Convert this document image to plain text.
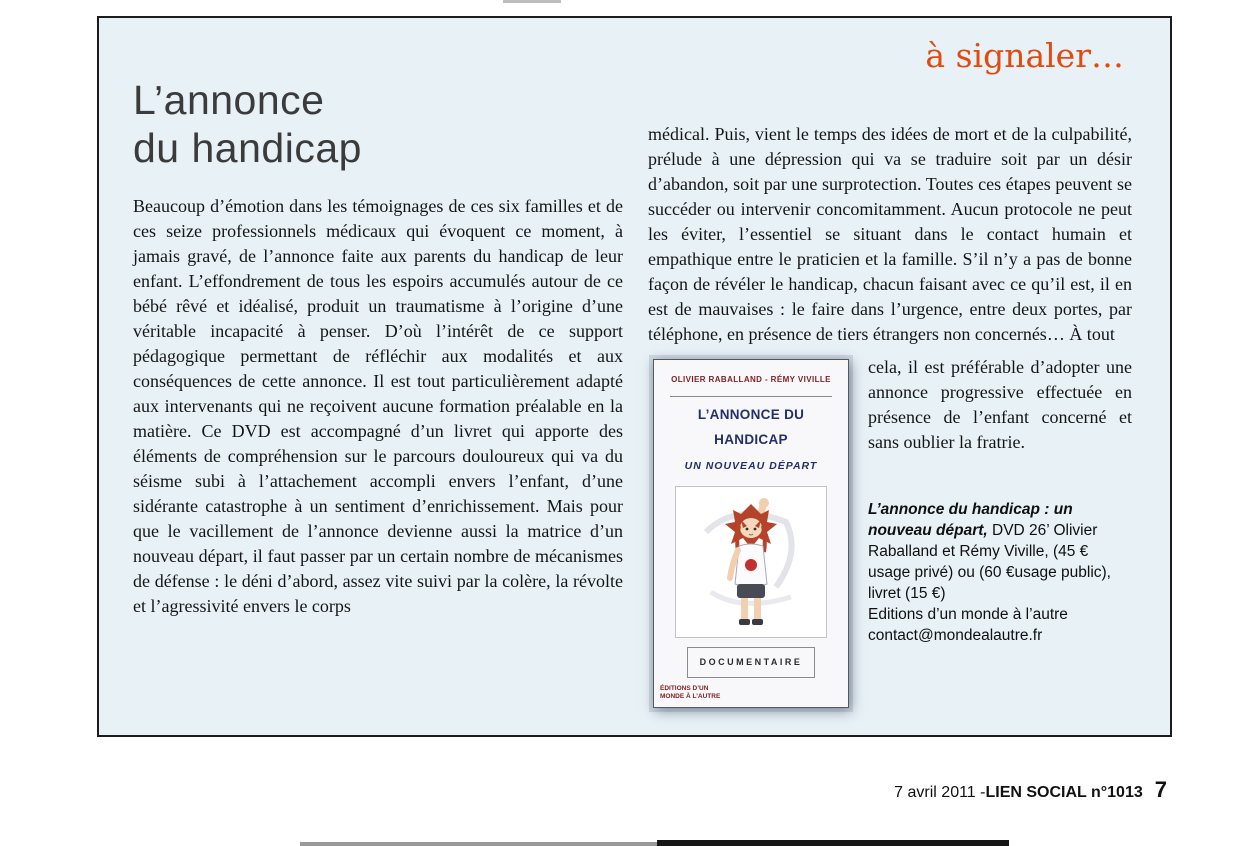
à signaler…
L’annonce
du handicap

Beaucoup d’émotion dans les témoignages de ces six familles et de ces seize professionnels médicaux qui évoquent ce moment, à jamais gravé, de l’annonce faite aux parents du handicap de leur enfant. L’effondrement de tous les espoirs accumulés autour de ce bébé rêvé et idéalisé, produit un traumatisme à l’origine d’une véritable incapacité à penser. D’où l’intérêt de ce support pédagogique permettant de réfléchir aux modalités et aux conséquences de cette annonce. Il est tout particulièrement adapté aux intervenants qui ne reçoivent aucune formation préalable en la matière. Ce DVD est accompagné d’un livret qui apporte des éléments de compréhension sur le parcours douloureux qui va du séisme subi à l’attachement accompli envers l’enfant, d’une sidérante catastrophe à un sentiment d’enrichissement. Mais pour que le vacillement de l’annonce devienne aussi la matrice d’un nouveau départ, il faut passer par un certain nombre de mécanismes de défense : le déni d’abord, assez vite suivi par la colère, la révolte et l’agressivité envers le corps

médical. Puis, vient le temps des idées de mort et de la culpabilité, prélude à une dépression qui va se traduire soit par un désir d’abandon, soit par une surprotection. Toutes ces étapes peuvent se succéder ou intervenir concomitamment. Aucun protocole ne peut les éviter, l’essentiel se situant dans le contact humain et empathique entre le praticien et la famille. S’il n’y a pas de bonne façon de révéler le handicap, chacun faisant avec ce qu’il est, il en est de mauvaises : le faire dans l’urgence, entre deux portes, par téléphone, en présence de tiers étrangers non concernés… À tout

OLIVIER RABALLAND - RÉMY VIVILLE
L’ANNONCE DU HANDICAP
UN NOUVEAU DÉPART
DOCUMENTAIRE
ÉDITIONS D’UN MONDE À L’AUTRE

cela, il est préférable d’adopter une annonce progressive effectuée en présence de l’enfant concerné et sans oublier la fratrie.

L’annonce du handicap : un nouveau départ, DVD 26’ Olivier Raballand et Rémy Viville, (45 € usage privé) ou (60 €usage public), livret (15 €)

Editions d’un monde à l’autre

contact@mondealautre.fr

7 avril 2011 - LIEN SOCIAL n°1013 7
